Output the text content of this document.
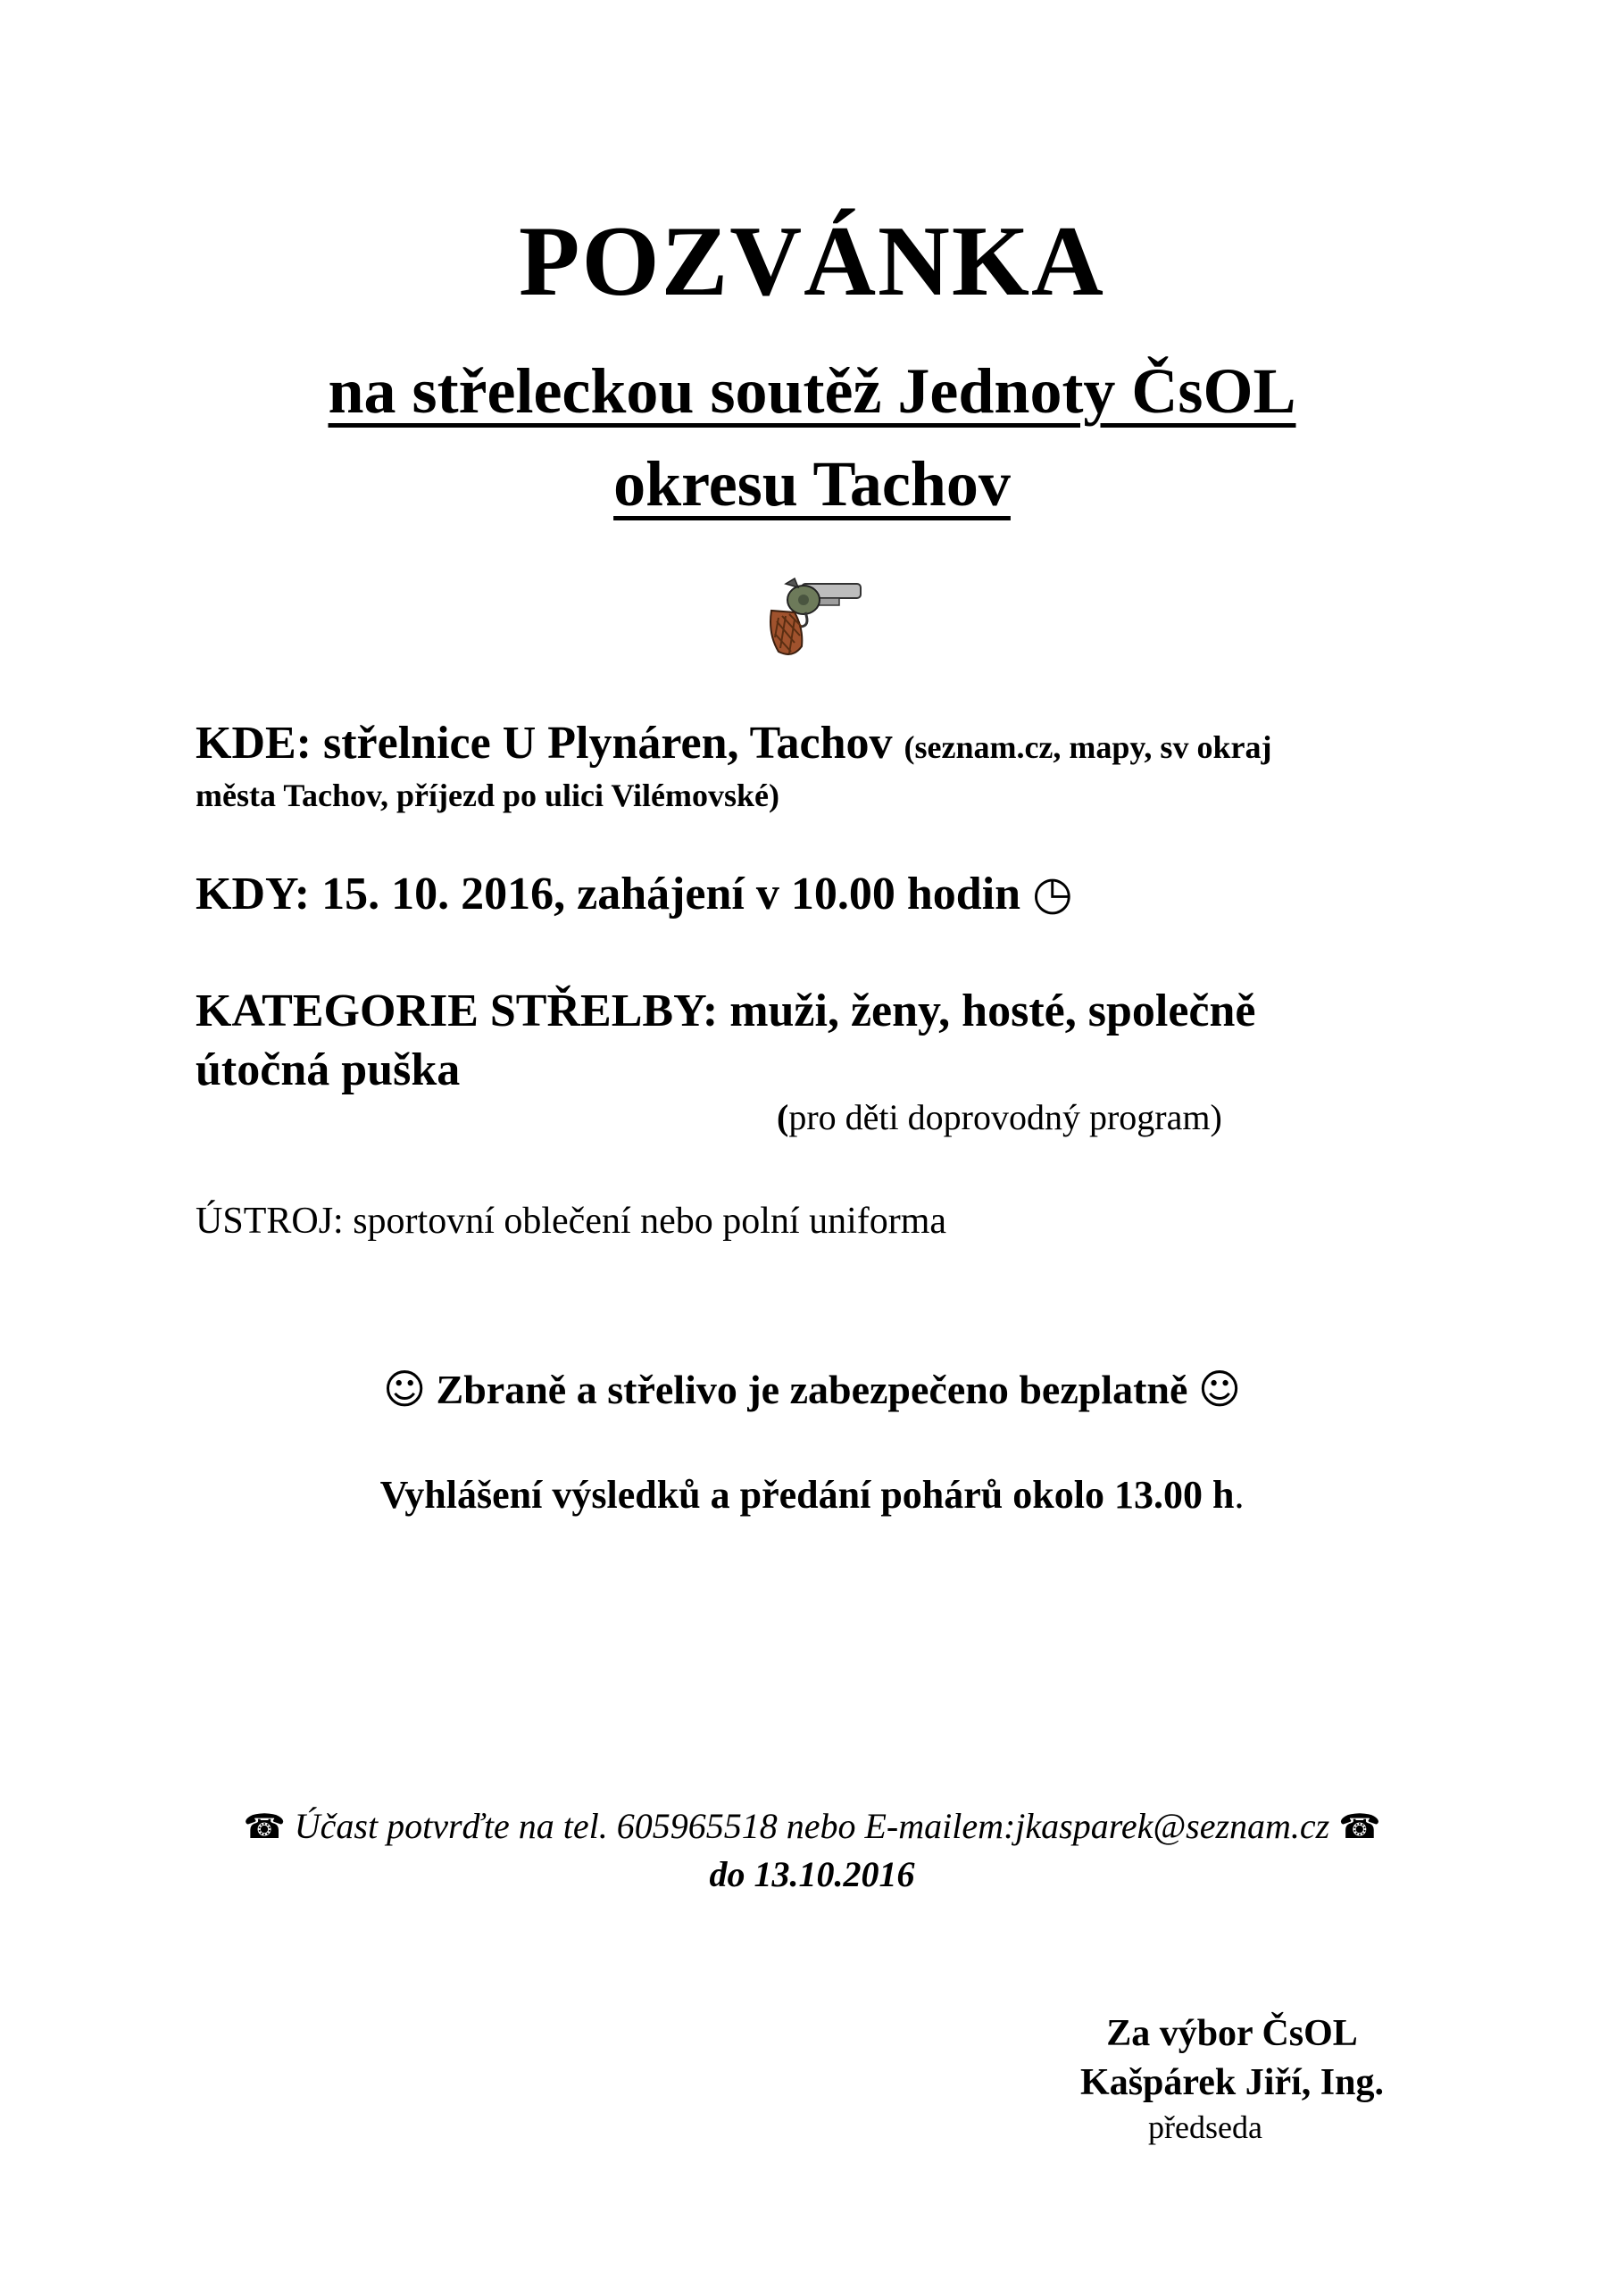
POZVÁNKA
na střeleckou soutěž Jednoty ČsOL
okresu Tachov
KDE: střelnice U Plynáren, Tachov (seznam.cz, mapy, sv okraj
města Tachov, příjezd po ulici Vilémovské)
KDY: 15. 10. 2016, zahájení v 10.00 hodin ◷
KATEGORIE STŘELBY: muži, ženy, hosté, společně
útočná puška
(pro děti doprovodný program)
ÚSTROJ: sportovní oblečení nebo polní uniforma
☺ Zbraně a střelivo je zabezpečeno bezplatně ☺
Vyhlášení výsledků a předání pohárů okolo 13.00 h.
☎ Účast potvrďte na tel. 605965518 nebo E-mailem:jkasparek@seznam.cz ☎
do 13.10.2016
Za výbor ČsOL
Kašpárek Jiří, Ing.
předseda
